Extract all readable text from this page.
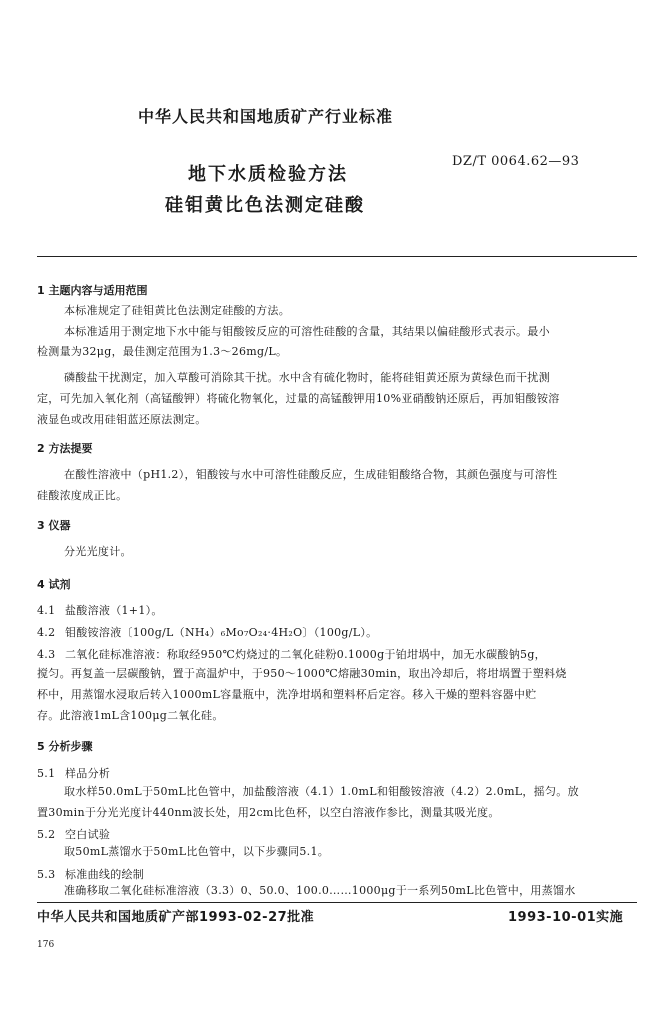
中华人民共和国地质矿产行业标准
地下水质检验方法
硅钼黄比色法测定硅酸
DZ/T 0064.62—93
1 主题内容与适用范围
本标准规定了硅钼黄比色法测定硅酸的方法。
本标准适用于测定地下水中能与钼酸铵反应的可溶性硅酸的含量，其结果以偏硅酸形式表示。最小
检测量为32μg，最佳测定范围为1.3～26mg/L。
磷酸盐干扰测定，加入草酸可消除其干扰。水中含有硫化物时，能将硅钼黄还原为黄绿色而干扰测
定，可先加入氧化剂（高锰酸钾）将硫化物氧化，过量的高锰酸钾用10%亚硝酸钠还原后，再加钼酸铵溶
液显色或改用硅钼蓝还原法测定。
2 方法提要
在酸性溶液中（pH1.2），钼酸铵与水中可溶性硅酸反应，生成硅钼酸络合物，其颜色强度与可溶性
硅酸浓度成正比。
3 仪器
分光光度计。
4 试剂
4.1 盐酸溶液（1+1）。
4.2 钼酸铵溶液〔100g/L（NH₄）₆Mo₇O₂₄·4H₂O〕（100g/L）。
4.3 二氧化硅标准溶液：称取经950℃灼烧过的二氧化硅粉0.1000g于铂坩埚中，加无水碳酸钠5g，
搅匀。再复盖一层碳酸钠，置于高温炉中，于950～1000℃熔融30min，取出冷却后，将坩埚置于塑料烧
杯中，用蒸馏水浸取后转入1000mL容量瓶中，洗净坩埚和塑料杯后定容。移入干燥的塑料容器中贮
存。此溶液1mL含100μg二氧化硅。
5 分析步骤
5.1 样品分析
取水样50.0mL于50mL比色管中，加盐酸溶液（4.1）1.0mL和钼酸铵溶液（4.2）2.0mL，摇匀。放
置30min于分光光度计440nm波长处，用2cm比色杯，以空白溶液作参比，测量其吸光度。
5.2 空白试验
取50mL蒸馏水于50mL比色管中，以下步骤同5.1。
5.3 标准曲线的绘制
准确移取二氧化硅标准溶液（3.3）0、50.0、100.0……1000μg于一系列50mL比色管中，用蒸馏水
中华人民共和国地质矿产部1993-02-27批准	1993-10-01实施
176
